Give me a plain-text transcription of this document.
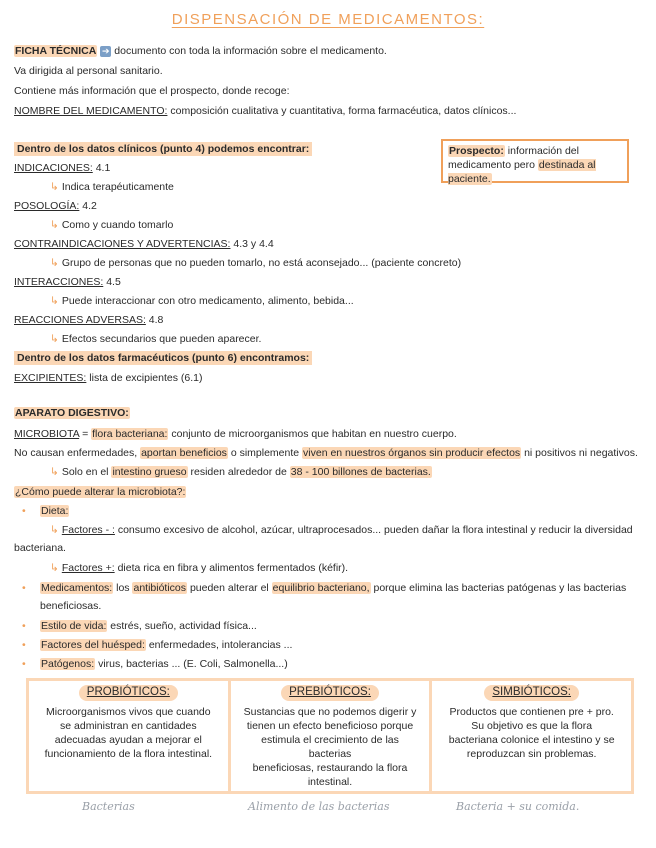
DISPENSACIÓN DE MEDICAMENTOS:
FICHA TÉCNICA ➔ documento con toda la información sobre el medicamento.
Va dirigida al personal sanitario.
Contiene más información que el prospecto, donde recoge:
NOMBRE DEL MEDICAMENTO: composición cualitativa y cuantitativa, forma farmacéutica, datos clínicos...
Prospecto: información del
medicamento pero destinada al paciente.
Dentro de los datos clínicos (punto 4) podemos encontrar:
INDICACIONES: 4.1
↳ Indica terapéuticamente
POSOLOGÍA: 4.2
↳ Como y cuando tomarlo
CONTRAINDICACIONES Y ADVERTENCIAS: 4.3 y 4.4
↳ Grupo de personas que no pueden tomarlo, no está aconsejado... (paciente concreto)
INTERACCIONES: 4.5
↳ Puede interaccionar con otro medicamento, alimento, bebida...
REACCIONES ADVERSAS: 4.8
↳ Efectos secundarios que pueden aparecer.
Dentro de los datos farmacéuticos (punto 6) encontramos:
EXCIPIENTES: lista de excipientes (6.1)
APARATO DIGESTIVO:
MICROBIOTA = flora bacteriana: conjunto de microorganismos que habitan en nuestro cuerpo.
No causan enfermedades, aportan beneficios o simplemente viven en nuestros órganos sin producir efectos ni positivos ni negativos.
↳ Solo en el intestino grueso residen alrededor de 38 - 100 billones de bacterias.
¿Cómo puede alterar la microbiota?:
• Dieta:
↳ Factores - : consumo excesivo de alcohol, azúcar, ultraprocesados... pueden dañar la flora intestinal y reducir la diversidad
bacteriana.
↳ Factores +: dieta rica en fibra y alimentos fermentados (kéfir).
• Medicamentos: los antibióticos pueden alterar el equilibrio bacteriano, porque elimina las bacterias patógenas y las bacterias
beneficiosas.
• Estilo de vida: estrés, sueño, actividad física...
• Factores del huésped: enfermedades, intolerancias ...
• Patógenos: virus, bacterias ... (E. Coli, Salmonella...)
PROBIÓTICOS:
Microorganismos vivos que cuando
se administran en cantidades
adecuadas ayudan a mejorar el
funcionamiento de la flora intestinal.
PREBIÓTICOS:
Sustancias que no podemos digerir y
tienen un efecto beneficioso porque
estimula el crecimiento de las bacterias
beneficiosas, restaurando la flora
intestinal.
SIMBIÓTICOS:
Productos que contienen pre + pro.
Su objetivo es que la flora
bacteriana colonice el intestino y se
reproduzcan sin problemas.
Bacterias	Alimento de las bacterias	Bacteria + su comida.
